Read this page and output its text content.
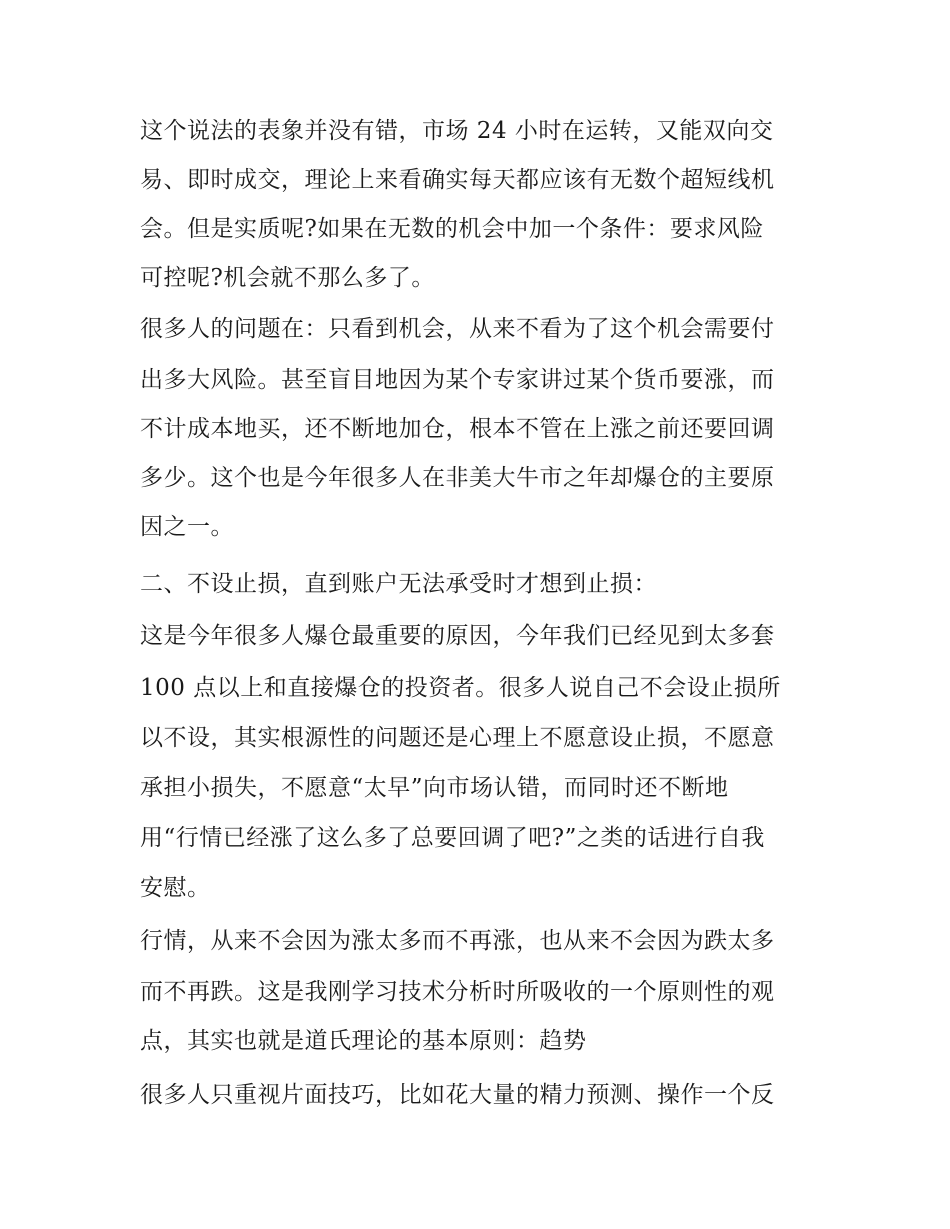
这个说法的表象并没有错，市场 24 小时在运转，又能双向交
易、即时成交，理论上来看确实每天都应该有无数个超短线机
会。但是实质呢?如果在无数的机会中加一个条件：要求风险
可控呢?机会就不那么多了。
很多人的问题在：只看到机会，从来不看为了这个机会需要付
出多大风险。甚至盲目地因为某个专家讲过某个货币要涨，而
不计成本地买，还不断地加仓，根本不管在上涨之前还要回调
多少。这个也是今年很多人在非美大牛市之年却爆仓的主要原
因之一。
二、不设止损，直到账户无法承受时才想到止损：
这是今年很多人爆仓最重要的原因，今年我们已经见到太多套
100 点以上和直接爆仓的投资者。很多人说自己不会设止损所
以不设，其实根源性的问题还是心理上不愿意设止损，不愿意
承担小损失，不愿意“太早”向市场认错，而同时还不断地
用“行情已经涨了这么多了总要回调了吧?”之类的话进行自我
安慰。
行情，从来不会因为涨太多而不再涨，也从来不会因为跌太多
而不再跌。这是我刚学习技术分析时所吸收的一个原则性的观
点，其实也就是道氏理论的基本原则：趋势
很多人只重视片面技巧，比如花大量的精力预测、操作一个反
